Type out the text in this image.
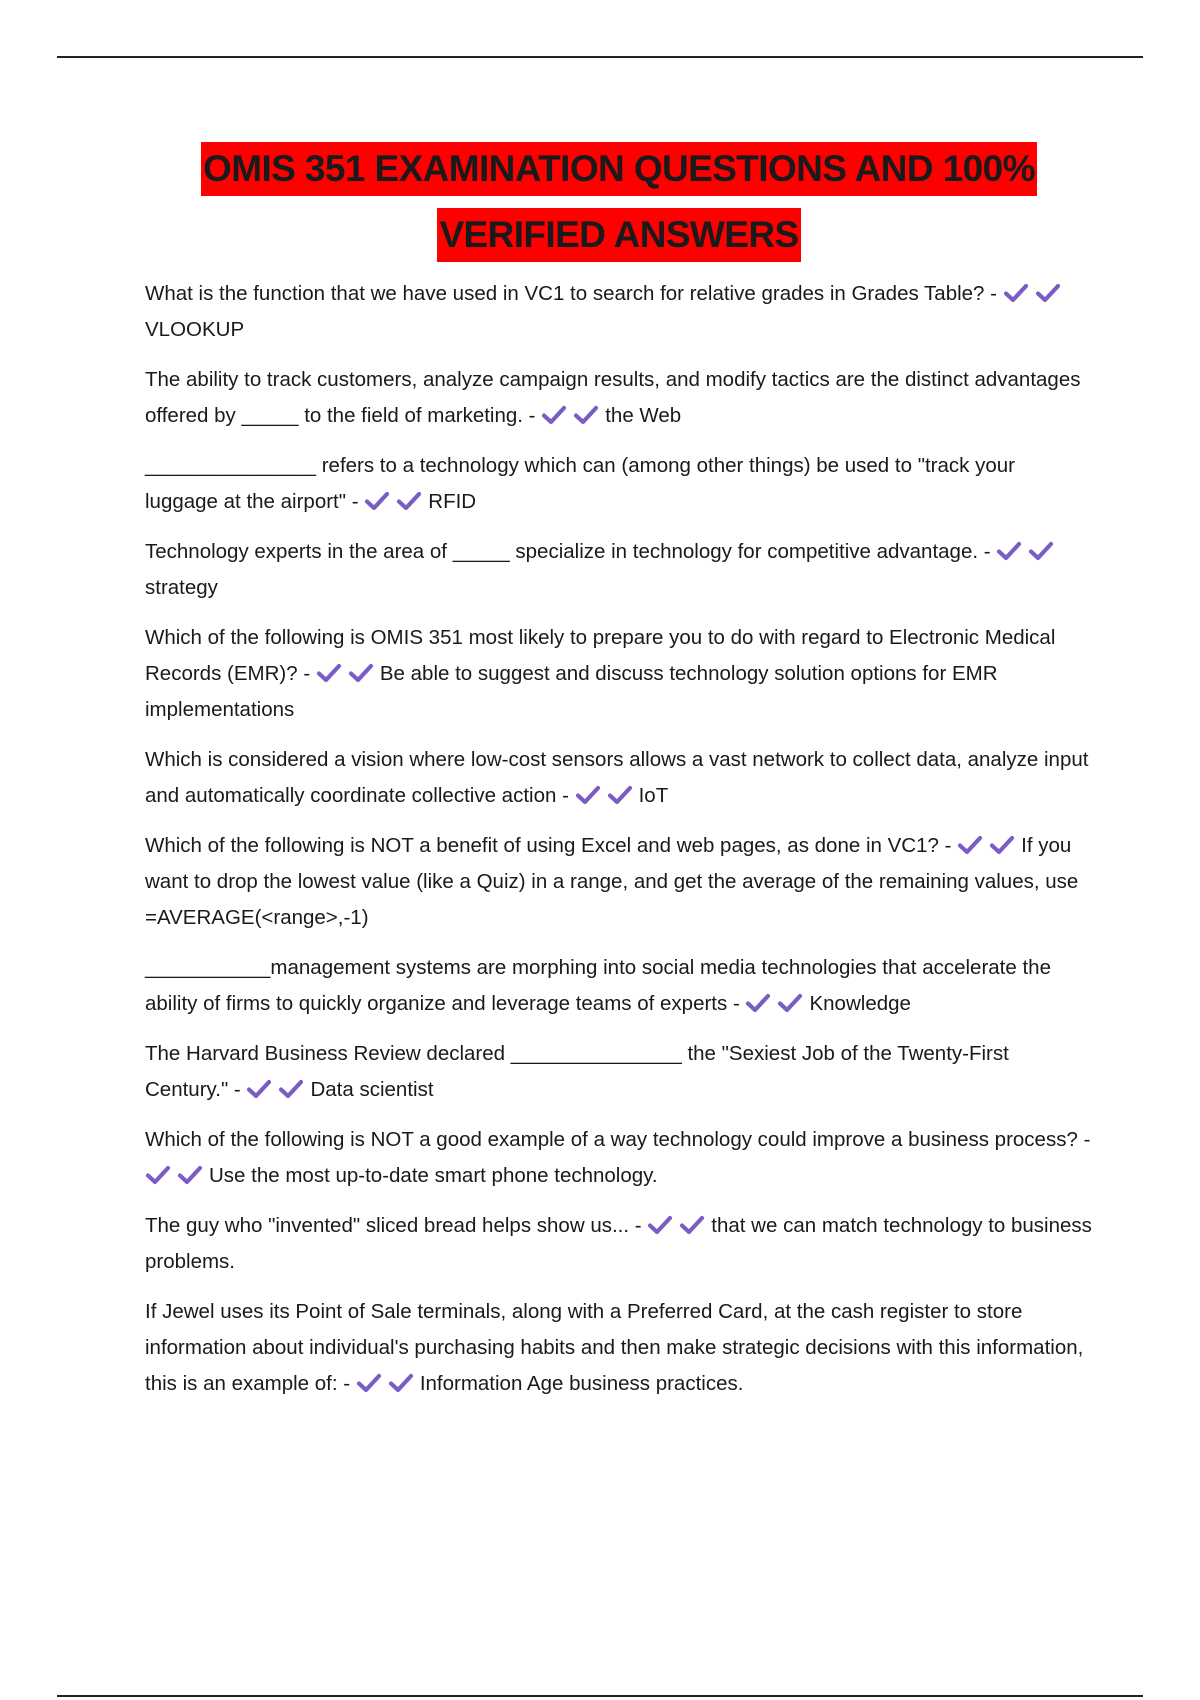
OMIS 351 EXAMINATION QUESTIONS AND 100%
VERIFIED ANSWERS

What is the function that we have used in VC1 to search for relative grades in Grades Table? -
VLOOKUP

The ability to track customers, analyze campaign results, and modify tactics are the distinct advantages offered by _____ to the field of marketing. -	the Web

_______________ refers to a technology which can (among other things) be used to "track your luggage at the airport" -	RFID

Technology experts in the area of _____ specialize in technology for competitive advantage. -
strategy

Which of the following is OMIS 351 most likely to prepare you to do with regard to Electronic Medical Records (EMR)? -	Be able to suggest and discuss technology solution options for EMR implementations

Which is considered a vision where low-cost sensors allows a vast network to collect data, analyze input and automatically coordinate collective action -	IoT

Which of the following is NOT a benefit of using Excel and web pages, as done in VC1? -	If you want to drop the lowest value (like a Quiz) in a range, and get the average of the remaining values, use =AVERAGE(<range>,-1)

___________management systems are morphing into social media technologies that accelerate the ability of firms to quickly organize and leverage teams of experts -	Knowledge

The Harvard Business Review declared _______________ the "Sexiest Job of the Twenty-First Century." -	Data scientist

Which of the following is NOT a good example of a way technology could improve a business process? -
Use the most up-to-date smart phone technology.

The guy who "invented" sliced bread helps show us... -	that we can match technology to business problems.

If Jewel uses its Point of Sale terminals, along with a Preferred Card, at the cash register to store information about individual's purchasing habits and then make strategic decisions with this information, this is an example of: -	Information Age business practices.
